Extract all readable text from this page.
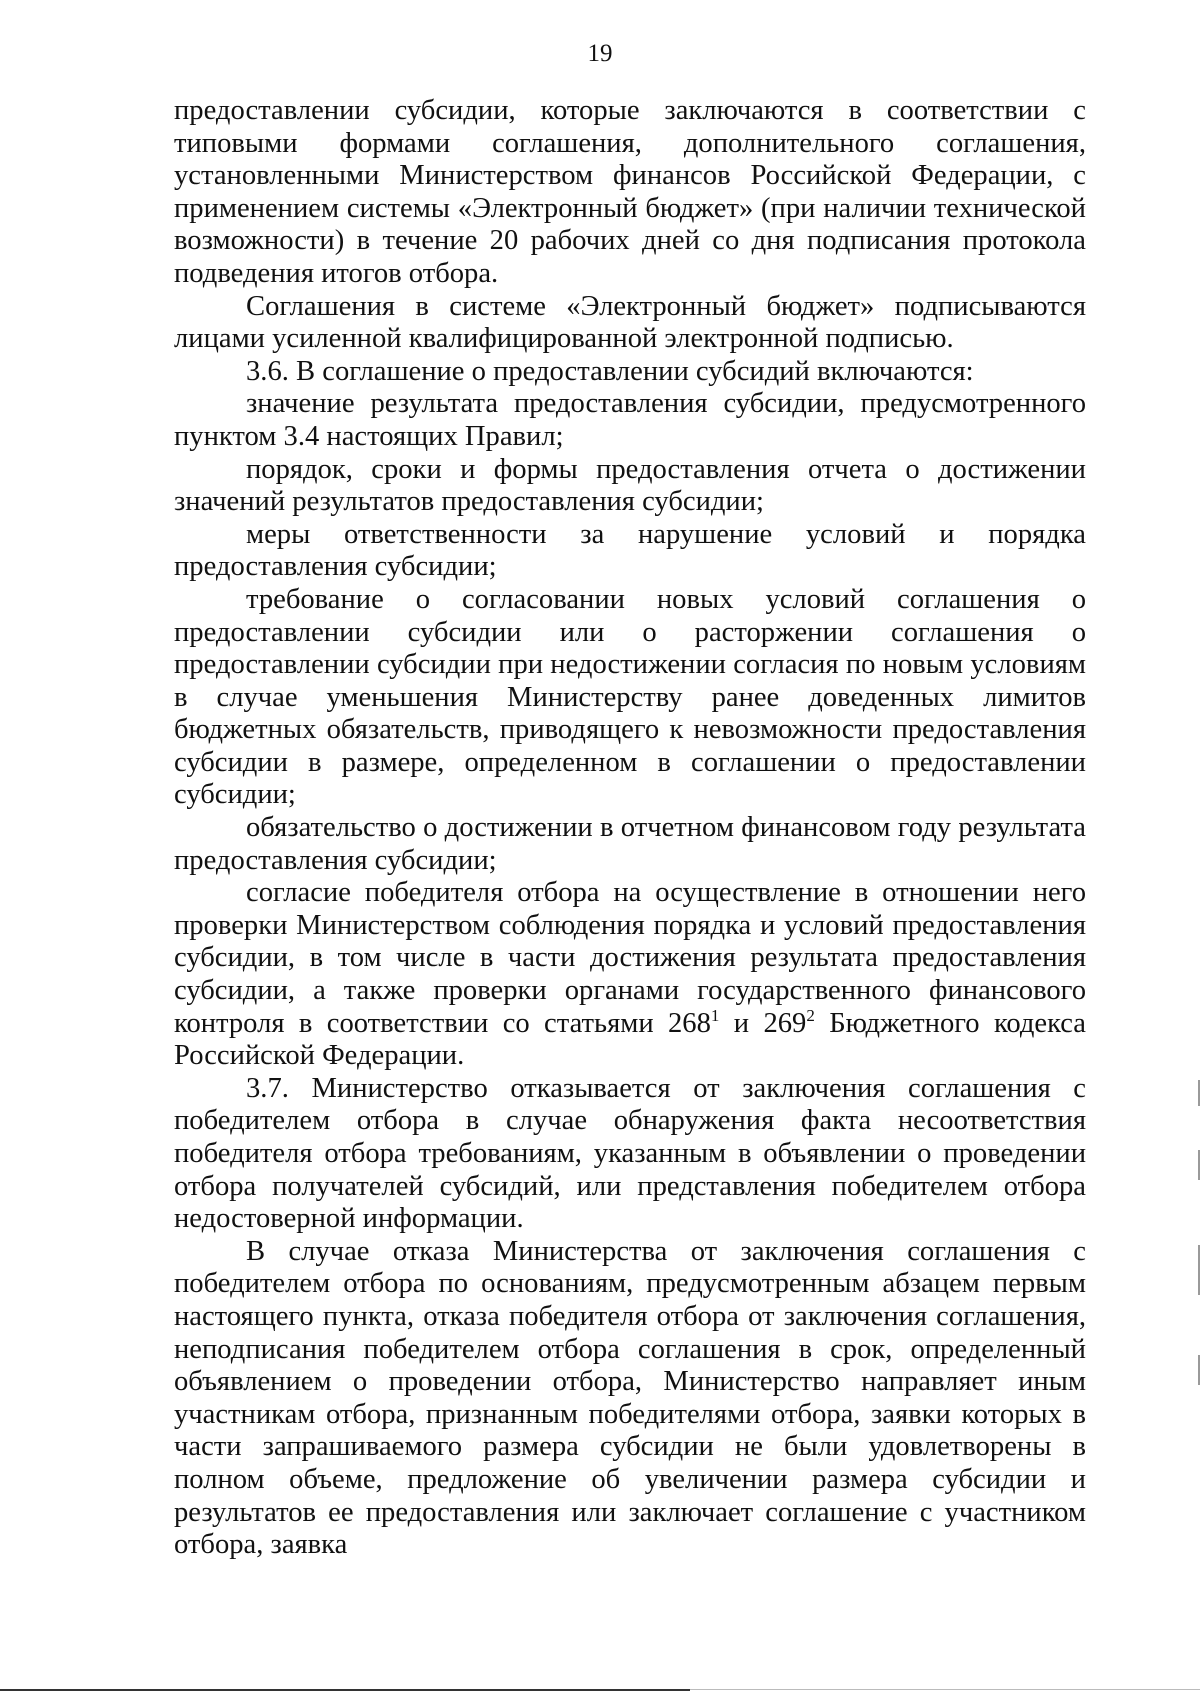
19

предоставлении субсидии, которые заключаются в соответствии с типовыми формами соглашения, дополнительного соглашения, установленными Министерством финансов Российской Федерации, с применением системы «Электронный бюджет» (при наличии технической возможности) в течение 20 рабочих дней со дня подписания протокола подведения итогов отбора.

Соглашения в системе «Электронный бюджет» подписываются лицами усиленной квалифицированной электронной подписью.

3.6. В соглашение о предоставлении субсидий включаются:

значение результата предоставления субсидии, предусмотренного пунктом 3.4 настоящих Правил;

порядок, сроки и формы предоставления отчета о достижении значений результатов предоставления субсидии;

меры ответственности за нарушение условий и порядка предоставления субсидии;

требование о согласовании новых условий соглашения о предоставлении субсидии или о расторжении соглашения о предоставлении субсидии при недостижении согласия по новым условиям в случае уменьшения Министерству ранее доведенных лимитов бюджетных обязательств, приводящего к невозможности предоставления субсидии в размере, определенном в соглашении о предоставлении субсидии;

обязательство о достижении в отчетном финансовом году результата предоставления субсидии;

согласие победителя отбора на осуществление в отношении него проверки Министерством соблюдения порядка и условий предоставления субсидии, в том числе в части достижения результата предоставления субсидии, а также проверки органами государственного финансового контроля в соответствии со статьями $268^1$ и $269^2$ Бюджетного кодекса Российской Федерации.

3.7. Министерство отказывается от заключения соглашения с победителем отбора в случае обнаружения факта несоответствия победителя отбора требованиям, указанным в объявлении о проведении отбора получателей субсидий, или представления победителем отбора недостоверной информации.

В случае отказа Министерства от заключения соглашения с победителем отбора по основаниям, предусмотренным абзацем первым настоящего пункта, отказа победителя отбора от заключения соглашения, неподписания победителем отбора соглашения в срок, определенный объявлением о проведении отбора, Министерство направляет иным участникам отбора, признанным победителями отбора, заявки которых в части запрашиваемого размера субсидии не были удовлетворены в полном объеме, предложение об увеличении размера субсидии и результатов ее предоставления или заключает соглашение с участником отбора, заявка
